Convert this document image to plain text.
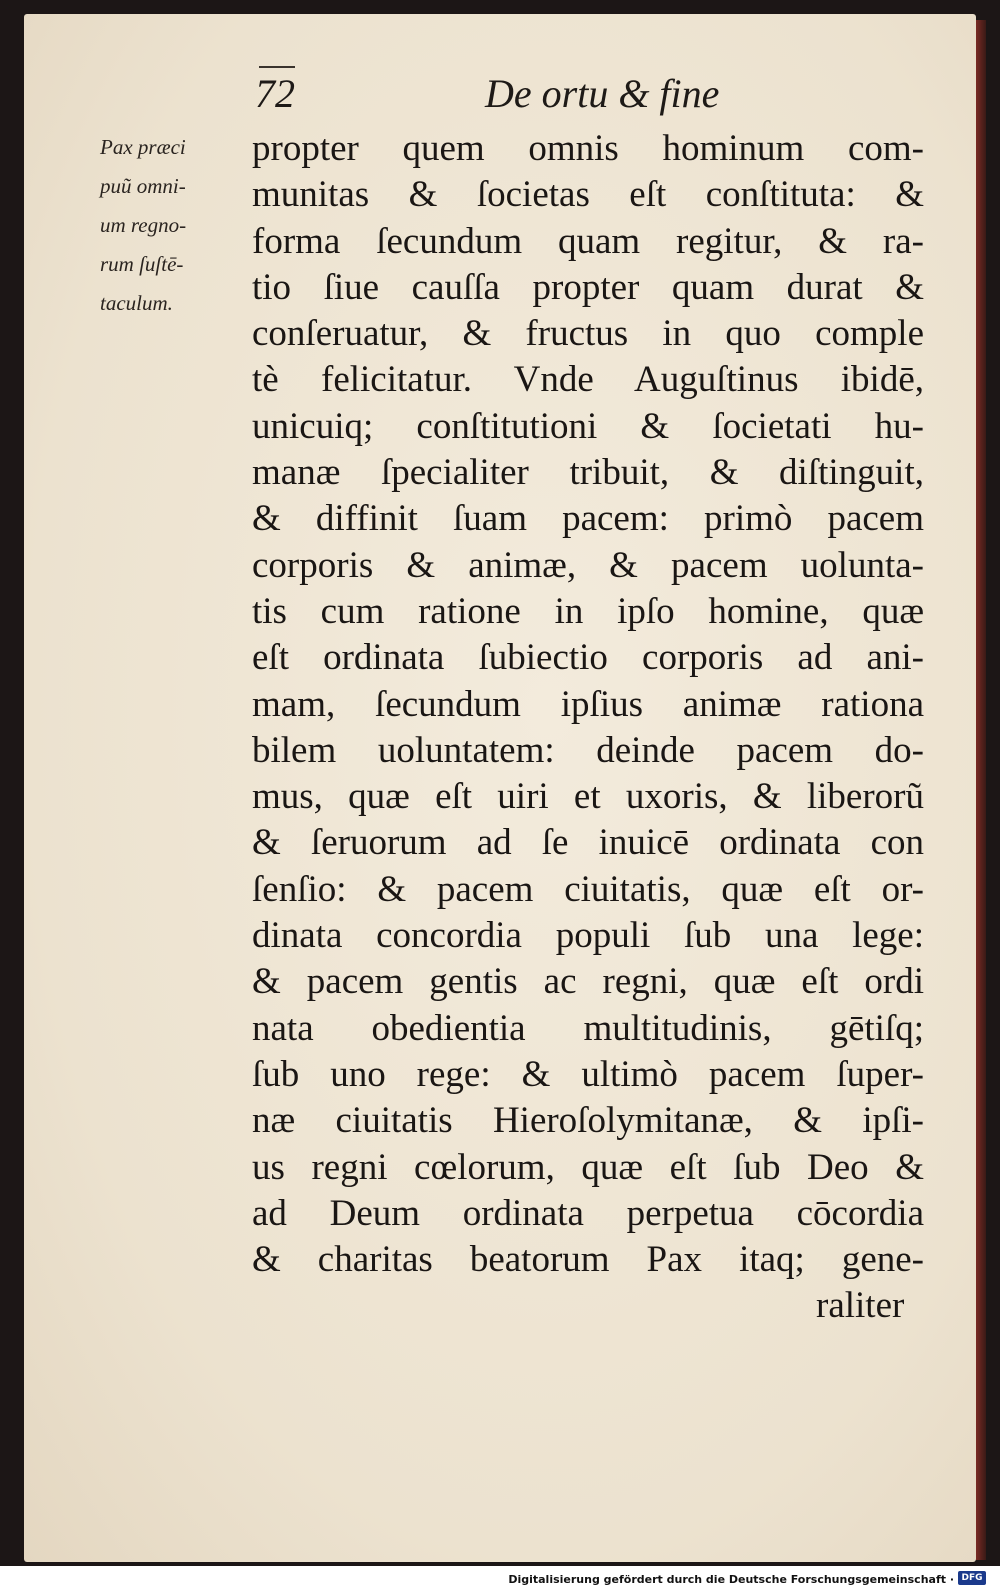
72	De ortu & fine
Pax præci
puũ omni-
um regno-
rum ſuſtē-
taculum.
propter quem omnis hominum com-
munitas & ſocietas eſt conſtituta: &
forma ſecundum quam regitur, & ra-
tio ſiue cauſſa propter quam durat &
conſeruatur, & fructus in quo comple
tè felicitatur. Vnde Auguſtinus ibidē,
unicuiq; conſtitutioni & ſocietati hu-
manæ ſpecialiter tribuit, & diſtinguit,
& diffinit ſuam pacem: primò pacem
corporis & animæ, & pacem uolunta-
tis cum ratione in ipſo homine, quæ
eſt ordinata ſubiectio corporis ad ani-
mam, ſecundum ipſius animæ rationa
bilem uoluntatem: deinde pacem do-
mus, quæ eſt uiri et uxoris, & liberorũ
& ſeruorum ad ſe inuicē ordinata con
ſenſio: & pacem ciuitatis, quæ eſt or-
dinata concordia populi ſub una lege:
& pacem gentis ac regni, quæ eſt ordi
nata obedientia multitudinis, gētiſq;
ſub uno rege: & ultimò pacem ſuper-
næ ciuitatis Hieroſolymitanæ, & ipſi-
us regni cœlorum, quæ eſt ſub Deo &
ad Deum ordinata perpetua cōcordia
& charitas beatorum Pax itaq; gene-
raliter
Digitalisierung gefördert durch die Deutsche Forschungsgemeinschaft · DFG
